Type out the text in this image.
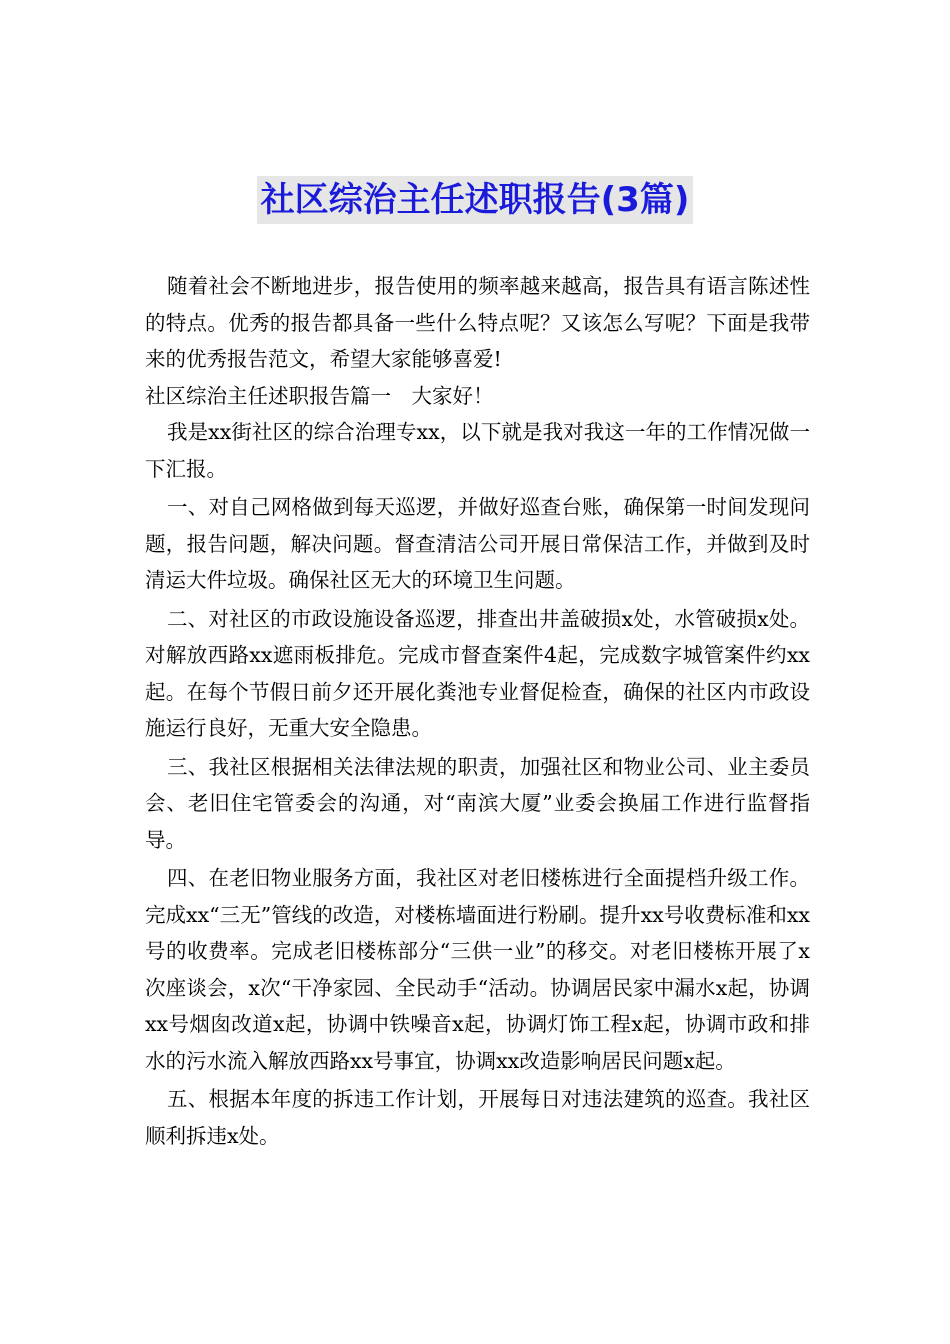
社区综治主任述职报告(3篇)

随着社会不断地进步，报告使用的频率越来越高，报告具有语言陈述性的特点。优秀的报告都具备一些什么特点呢？又该怎么写呢？下面是我带来的优秀报告范文，希望大家能够喜爱!

社区综治主任述职报告篇一　大家好！

我是xx街社区的综合治理专xx，以下就是我对我这一年的工作情况做一下汇报。

一、对自己网格做到每天巡逻，并做好巡查台账，确保第一时间发现问题，报告问题，解决问题。督查清洁公司开展日常保洁工作，并做到及时清运大件垃圾。确保社区无大的环境卫生问题。

二、对社区的市政设施设备巡逻，排查出井盖破损x处，水管破损x处。对解放西路xx遮雨板排危。完成市督查案件4起，完成数字城管案件约xx起。在每个节假日前夕还开展化粪池专业督促检查，确保的社区内市政设施运行良好，无重大安全隐患。

三、我社区根据相关法律法规的职责，加强社区和物业公司、业主委员会、老旧住宅管委会的沟通，对“南滨大厦”业委会换届工作进行监督指导。

四、在老旧物业服务方面，我社区对老旧楼栋进行全面提档升级工作。完成xx“三无”管线的改造，对楼栋墙面进行粉刷。提升xx号收费标准和xx号的收费率。完成老旧楼栋部分“三供一业”的移交。对老旧楼栋开展了x次座谈会，x次“干净家园、全民动手“活动。协调居民家中漏水x起，协调xx号烟囱改道x起，协调中铁噪音x起，协调灯饰工程x起，协调市政和排水的污水流入解放西路xx号事宜，协调xx改造影响居民问题x起。

五、根据本年度的拆违工作计划，开展每日对违法建筑的巡查。我社区顺利拆违x处。
